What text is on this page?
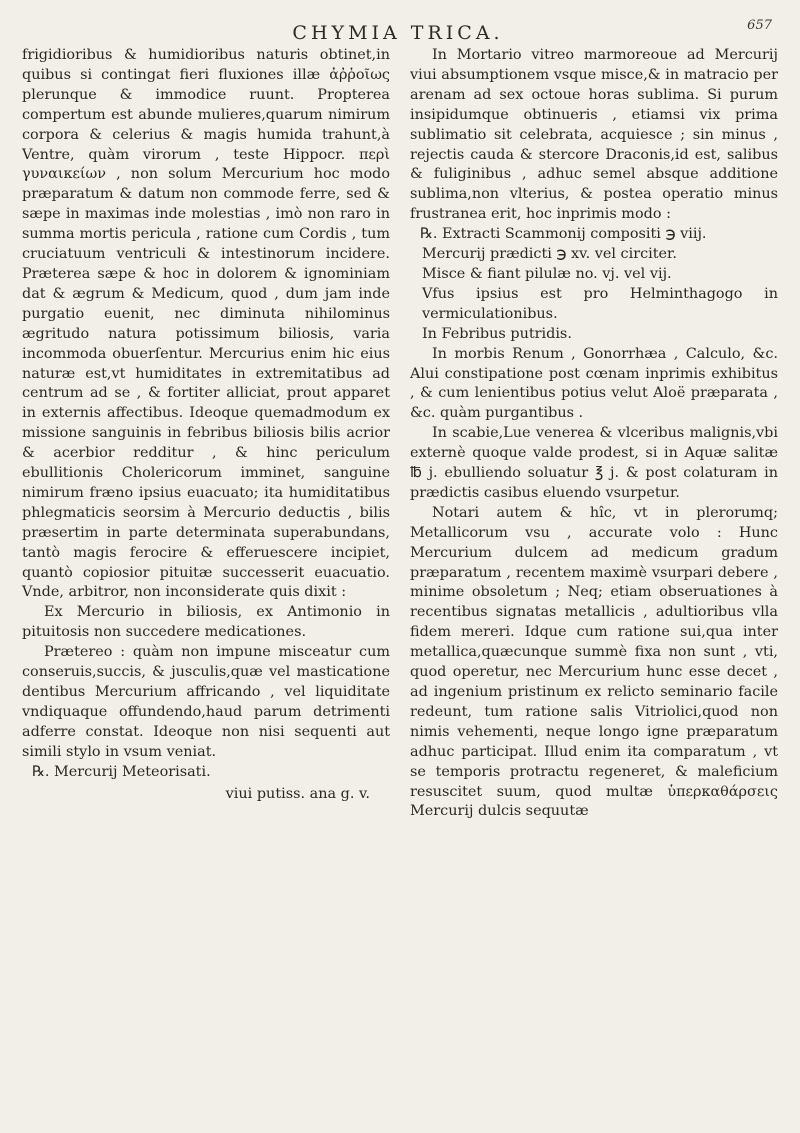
CHYMIA TRICA.	657

frigidioribus & humidioribus naturis obtinet,in quibus si contingat fieri fluxiones illæ ἀῤῥοῖως plerunque & immodice ruunt. Propterea compertum est abunde mulieres,quarum nimirum corpora & celerius & magis humida trahunt,à Ventre, quàm virorum , teste Hippocr. περὶ γυναικείων , non solum Mercurium hoc modo præparatum & datum non commode ferre, sed & sæpe in maximas inde molestias , imò non raro in summa mortis pericula , ratione cum Cordis , tum cruciatuum ventriculi & intestinorum incidere. Præterea sæpe & hoc in dolorem & ignominiam dat & ægrum & Medicum, quod , dum jam inde purgatio euenit, nec diminuta nihilominus ægritudo natura potissimum biliosis, varia incommoda obuerſentur. Mercurius enim hic eius naturæ est,vt humiditates in extremitatibus ad centrum ad se , & fortiter alliciat, prout apparet in externis affectibus. Ideoque quemadmodum ex missione sanguinis in febribus biliosis bilis acrior & acerbior redditur , & hinc periculum ebullitionis Cholericorum imminet, sanguine nimirum fræno ipsius euacuato; ita humiditatibus phlegmaticis seorsim à Mercurio deductis , bilis præsertim in parte determinata superabundans, tantò magis ferocire & efferuescere incipiet, quantò copiosior pituitæ successerit euacuatio. Vnde, arbitror, non inconsiderate quis dixit :

Ex Mercurio in biliosis, ex Antimonio in pituitosis non succedere medicationes.

Prætereo : quàm non impune misceatur cum conseruis,succis, & jusculis,quæ vel masticatione dentibus Mercurium affricando , vel liquiditate vndiquaque offundendo,haud parum detrimenti adferre constat. Ideoque non nisi sequenti aut simili stylo in vsum veniat.

℞. Mercurij Meteorisati.

viui putiss. ana g. v.

In Mortario vitreo marmoreoue ad Mercurij viui absumptionem vsque misce,& in matracio per arenam ad sex octoue horas sublima. Si purum insipidumque obtinueris , etiamsi vix prima sublimatio sit celebrata, acquiesce ; sin minus , rejectis cauda & stercore Draconis,id est, salibus & fuliginibus , adhuc semel absque additione sublima,non vlterius, & postea operatio minus frustranea erit, hoc inprimis modo :

℞. Extracti Scammonij compositi ℈ viij.

Mercurij prædicti ℈ xv. vel circiter.

Misce & fiant pilulæ no. vj. vel vij.

Vfus ipsius est pro Helminthagogo in vermiculationibus.

In Febribus putridis.

In morbis Renum , Gonorrhæa , Calculo, &c. Alui constipatione post cœnam inprimis exhibitus , & cum lenientibus potius velut Aloë præparata , &c. quàm purgantibus .

In scabie,Lue venerea & vlceribus malignis,vbi externè quoque valde prodest, si in Aquæ salitæ ℔ j. ebulliendo soluatur ℥ j. & post colaturam in prædictis casibus eluendo vsurpetur.

Notari autem & hîc, vt in plerorumq; Metallicorum vsu , accurate volo : Hunc Mercurium dulcem ad medicum gradum præparatum , recentem maximè vsurpari debere , minime obsoletum ; Neq; etiam obseruationes à recentibus signatas metallicis , adultioribus vlla fidem mereri. Idque cum ratione sui,qua inter metallica,quæcunque summè fixa non sunt , vti, quod operetur, nec Mercurium hunc esse decet , ad ingenium pristinum ex relicto seminario facile redeunt, tum ratione salis Vitriolici,quod non nimis vehementi, neque longo igne præparatum adhuc participat. Illud enim ita comparatum , vt se temporis protractu regeneret, & maleficium resuscitet suum, quod multæ ὑπερκαθάρσεις Mercurij dulcis sequutæ
